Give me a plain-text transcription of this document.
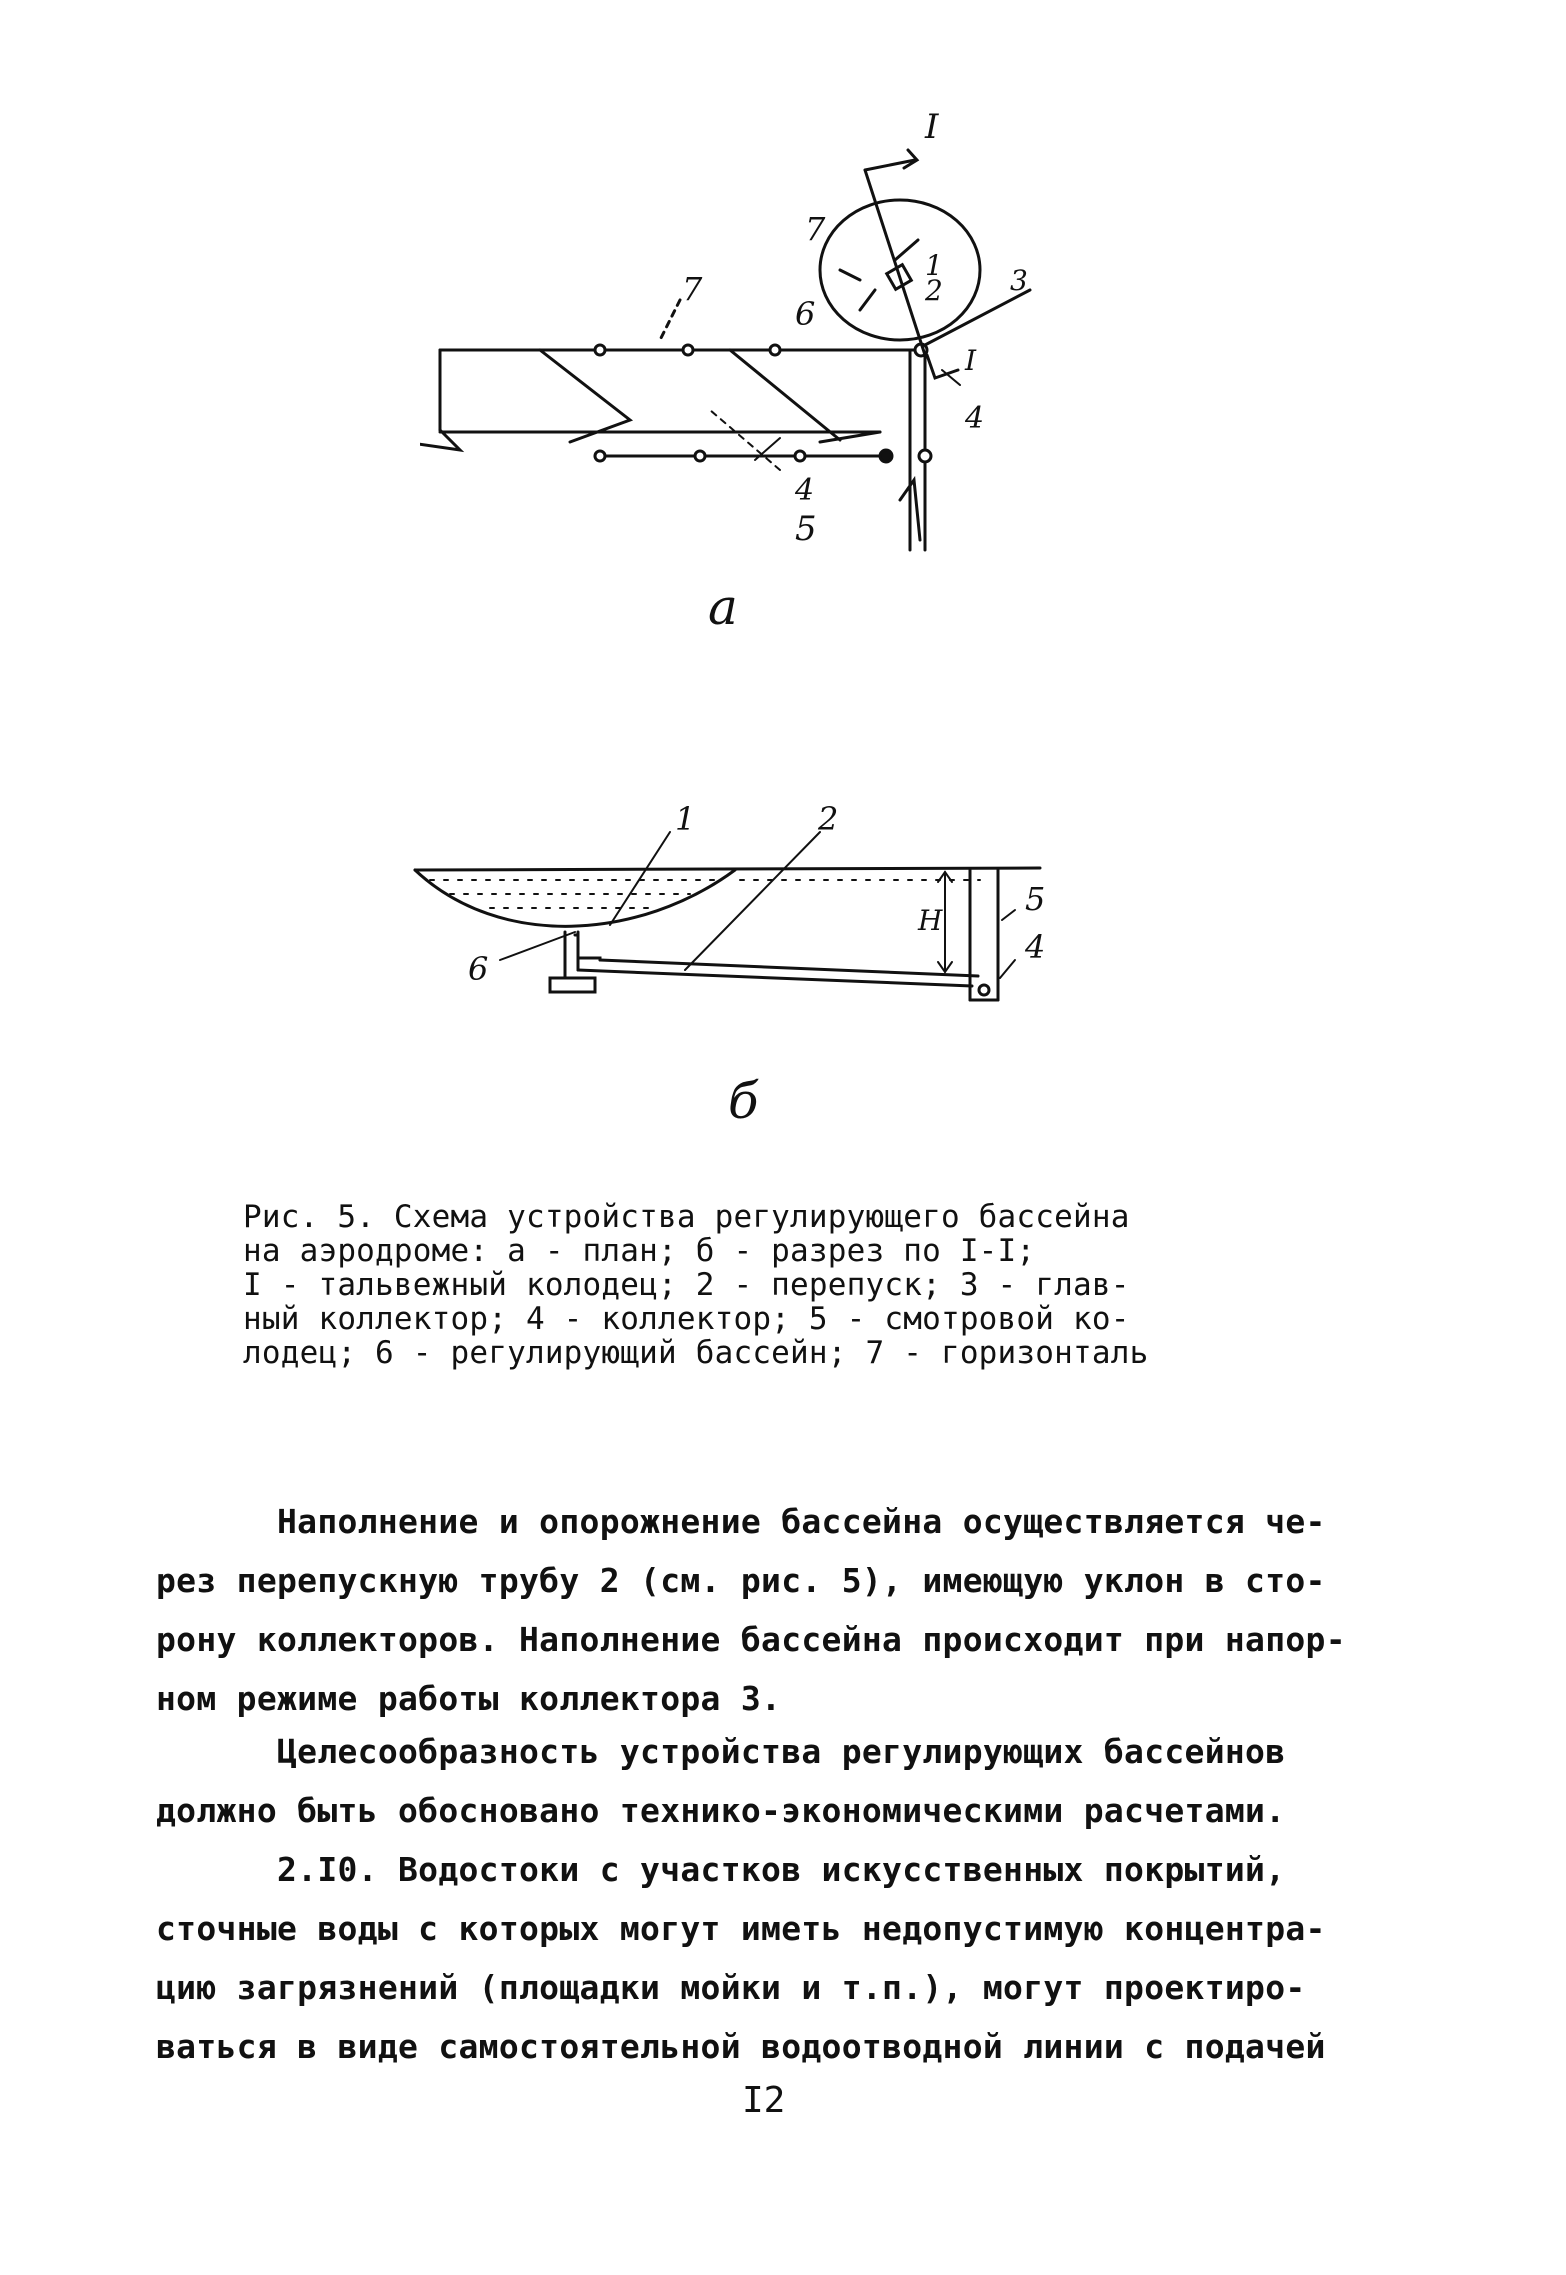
I
I
1
2 3
4
4
5
6
7
7
а
1	2
5
4
6
Н
б
Рис. 5. Схема устройства регулирующего бассейна
на аэродроме: а - план; б - разрез по I-I;
I - тальвежный колодец; 2 - перепуск; 3 - глав-
ный коллектор; 4 - коллектор; 5 - смотровой ко-
лодец; 6 - регулирующий бассейн; 7 - горизонталь
Наполнение и опорожнение бассейна осуществляется че-
рез перепускную трубу 2 (см. рис. 5), имеющую уклон в сто-
рону коллекторов. Наполнение бассейна происходит при напор-
ном режиме работы коллектора 3.
Целесообразность устройства регулирующих бассейнов
должно быть обосновано технико-экономическими расчетами.
2.I0. Водостоки с участков искусственных покрытий,
сточные воды с которых могут иметь недопустимую концентра-
цию загрязнений (площадки мойки и т.п.), могут проектиро-
ваться в виде самостоятельной водоотводной линии с подачей
I2
